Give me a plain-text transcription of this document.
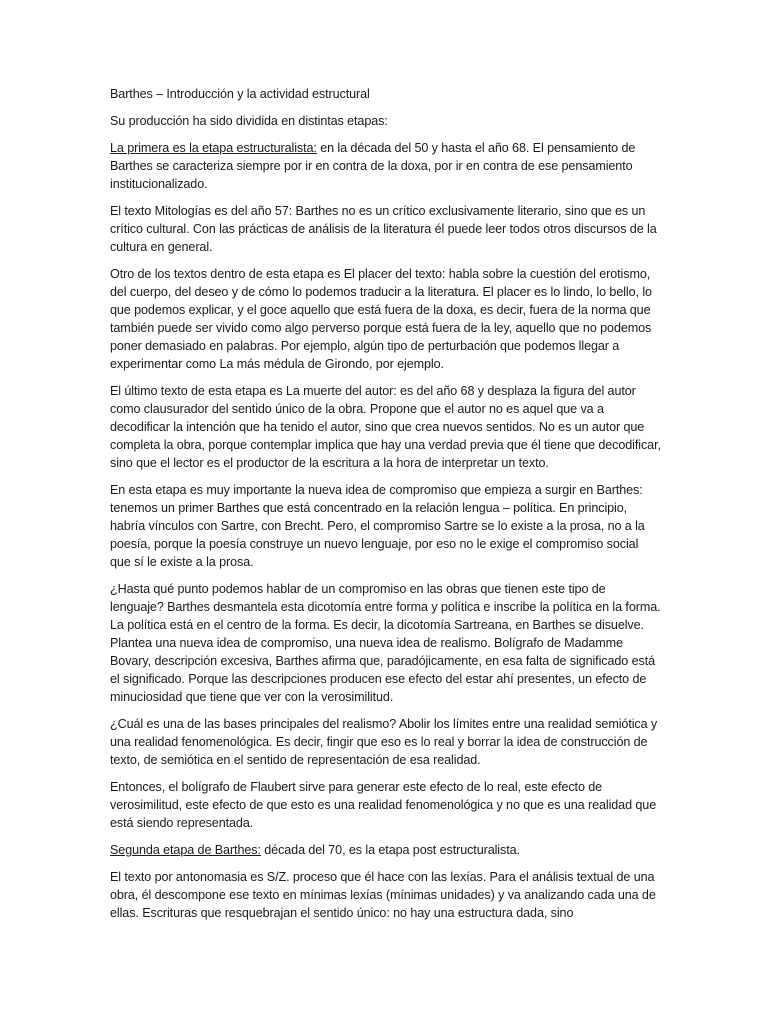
Barthes – Introducción y la actividad estructural

Su producción ha sido dividida en distintas etapas:

La primera es la etapa estructuralista: en la década del 50 y hasta el año 68. El pensamiento de Barthes se caracteriza siempre por ir en contra de la doxa, por ir en contra de ese pensamiento institucionalizado.

El texto Mitologías es del año 57: Barthes no es un crítico exclusivamente literario, sino que es un crítico cultural. Con las prácticas de análisis de la literatura él puede leer todos otros discursos de la cultura en general.

Otro de los textos dentro de esta etapa es El placer del texto: habla sobre la cuestión del erotismo, del cuerpo, del deseo y de cómo lo podemos traducir a la literatura. El placer es lo lindo, lo bello, lo que podemos explicar, y el goce aquello que está fuera de la doxa, es decir, fuera de la norma que también puede ser vivido como algo perverso porque está fuera de la ley, aquello que no podemos poner demasiado en palabras. Por ejemplo, algún tipo de perturbación que podemos llegar a experimentar como La más médula de Girondo, por ejemplo.

El último texto de esta etapa es La muerte del autor: es del año 68 y desplaza la figura del autor como clausurador del sentido único de la obra. Propone que el autor no es aquel que va a decodificar la intención que ha tenido el autor, sino que crea nuevos sentidos. No es un autor que completa la obra, porque contemplar implica que hay una verdad previa que él tiene que decodificar, sino que el lector es el productor de la escritura a la hora de interpretar un texto.

En esta etapa es muy importante la nueva idea de compromiso que empieza a surgir en Barthes: tenemos un primer Barthes que está concentrado en la relación lengua – política. En principio, habría vínculos con Sartre, con Brecht. Pero, el compromiso Sartre se lo existe a la prosa, no a la poesía, porque la poesía construye un nuevo lenguaje, por eso no le exige el compromiso social que sí le existe a la prosa.

¿Hasta qué punto podemos hablar de un compromiso en las obras que tienen este tipo de lenguaje? Barthes desmantela esta dicotomía entre forma y política e inscribe la política en la forma. La política está en el centro de la forma. Es decir, la dicotomía Sartreana, en Barthes se disuelve. Plantea una nueva idea de compromiso, una nueva idea de realismo. Bolígrafo de Madamme Bovary, descripción excesiva, Barthes afirma que, paradójicamente, en esa falta de significado está el significado. Porque las descripciones producen ese efecto del estar ahí presentes, un efecto de minuciosidad que tiene que ver con la verosimilitud.

¿Cuál es una de las bases principales del realismo? Abolir los límites entre una realidad semiótica y una realidad fenomenológica. Es decir, fingir que eso es lo real y borrar la idea de construcción de texto, de semiótica en el sentido de representación de esa realidad.

Entonces, el bolígrafo de Flaubert sirve para generar este efecto de lo real, este efecto de verosimilitud, este efecto de que esto es una realidad fenomenológica y no que es una realidad que está siendo representada.

Segunda etapa de Barthes: década del 70, es la etapa post estructuralista.

El texto por antonomasia es S/Z. proceso que él hace con las lexías. Para el análisis textual de una obra, él descompone ese texto en mínimas lexías (mínimas unidades) y va analizando cada una de ellas. Escrituras que resquebrajan el sentido único: no hay una estructura dada, sino
